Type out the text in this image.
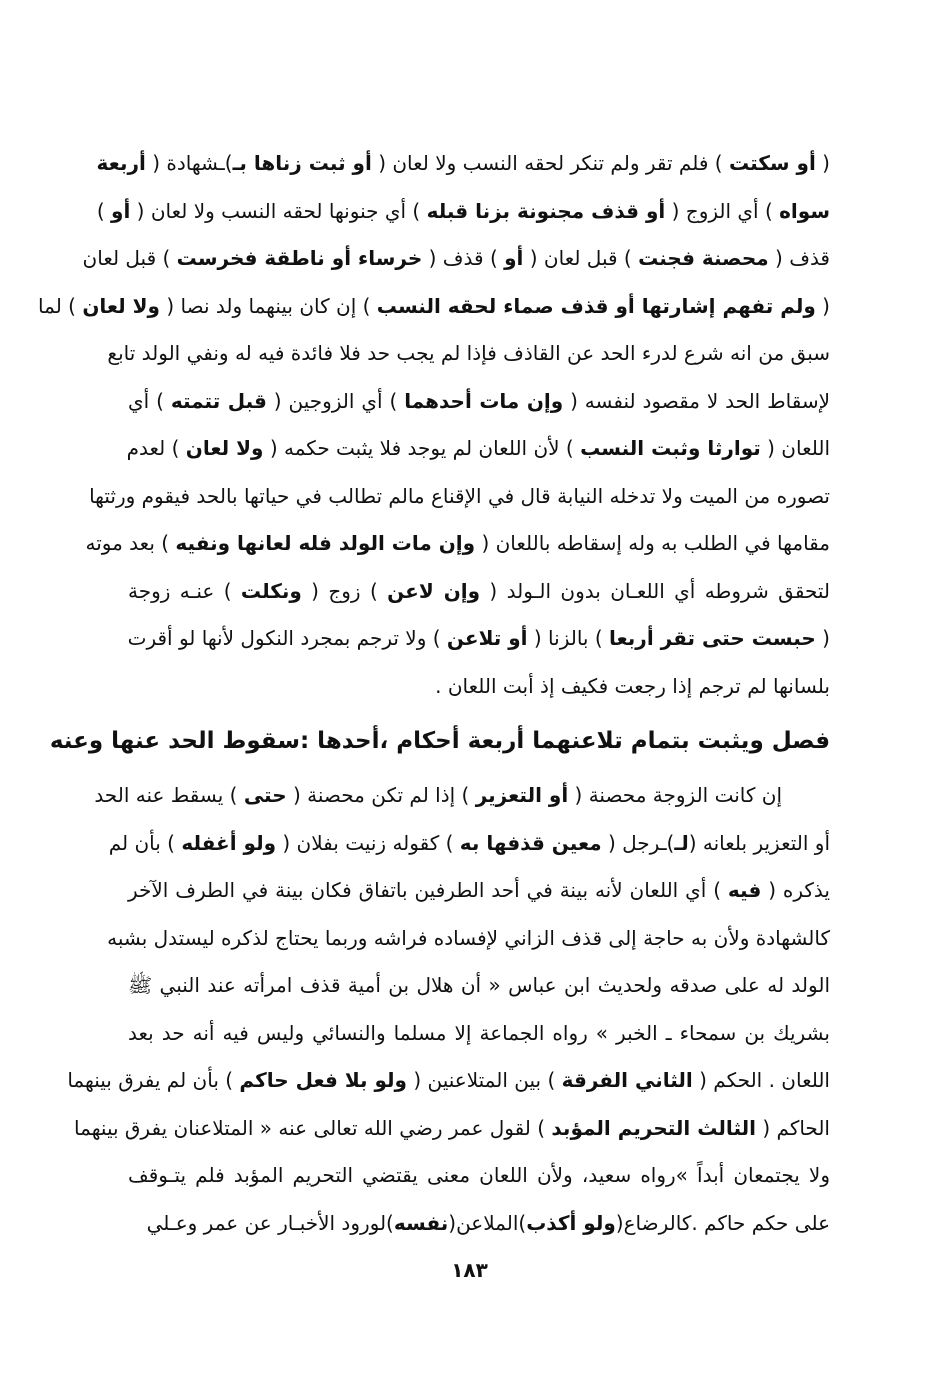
( أو سكتت ) فلم تقر ولم تنكر لحقه النسب ولا لعان ( أو ثبت زناها بـ)ـشهادة ( أربعة
سواه ) أي الزوج ( أو قذف مجنونة بزنا قبله ) أي جنونها لحقه النسب ولا لعان ( أو )
قذف ( محصنة فجنت ) قبل لعان ( أو ) قذف ( خرساء أو ناطقة فخرست ) قبل لعان
( ولم تفهم إشارتها أو قذف صماء لحقه النسب ) إن كان بينهما ولد نصا ( ولا لعان ) لما
سبق من انه شرع لدرء الحد عن القاذف فإذا لم يجب حد فلا فائدة فيه له ونفي الولد تابع
لإسقاط الحد لا مقصود لنفسه ( وإن مات أحدهما ) أي الزوجين ( قبل تتمته ) أي
اللعان ( توارثا وثبت النسب ) لأن اللعان لم يوجد فلا يثبت حكمه ( ولا لعان ) لعدم
تصوره من الميت ولا تدخله النيابة قال في الإقناع مالم تطالب في حياتها بالحد فيقوم ورثتها
مقامها في الطلب به وله إسقاطه باللعان ( وإن مات الولد فله لعانها ونفيه ) بعد موته
لتحقق شروطه أي اللعـان بدون الـولد ( وإن لاعن ) زوج ( ونكلت ) عنـه زوجة
( حبست حتى تقر أربعا ) بالزنا ( أو تلاعن ) ولا ترجم بمجرد النكول لأنها لو أقرت
بلسانها لم ترجم إذا رجعت فكيف إذ أبت اللعان .
فصل ويثبت بتمام تلاعنهما أربعة أحكام ،أحدها :سقوط الحد عنها وعنه
إن كانت الزوجة محصنة ( أو التعزير ) إذا لم تكن محصنة ( حتى ) يسقط عنه الحد
أو التعزير بلعانه (لـ)ـرجل ( معين قذفها به ) كقوله زنيت بفلان ( ولو أغفله ) بأن لم
يذكره ( فيه ) أي اللعان لأنه بينة في أحد الطرفين باتفاق فكان بينة في الطرف الآخر
كالشهادة ولأن به حاجة إلى قذف الزاني لإفساده فراشه وربما يحتاج لذكره ليستدل بشبه
الولد له على صدقه ولحديث ابن عباس « أن هلال بن أمية قذف امرأته عند النبي ﷺ
بشريك بن سمحاء ـ الخبر » رواه الجماعة إلا مسلما والنسائي وليس فيه أنه حد بعد
اللعان . الحكم ( الثاني الفرقة ) بين المتلاعنين ( ولو بلا فعل حاكم ) بأن لم يفرق بينهما
الحاكم ( الثالث التحريم المؤبد ) لقول عمر رضي الله تعالى عنه « المتلاعنان يفرق بينهما
ولا يجتمعان أبداً »رواه سعيد، ولأن اللعان معنى يقتضي التحريم المؤبد فلم يتـوقف
على حكم حاكم .كالرضاع(ولو أكذب)الملاعن(نفسه)لورود الأخبـار عن عمر وعـلي
١٨٣
